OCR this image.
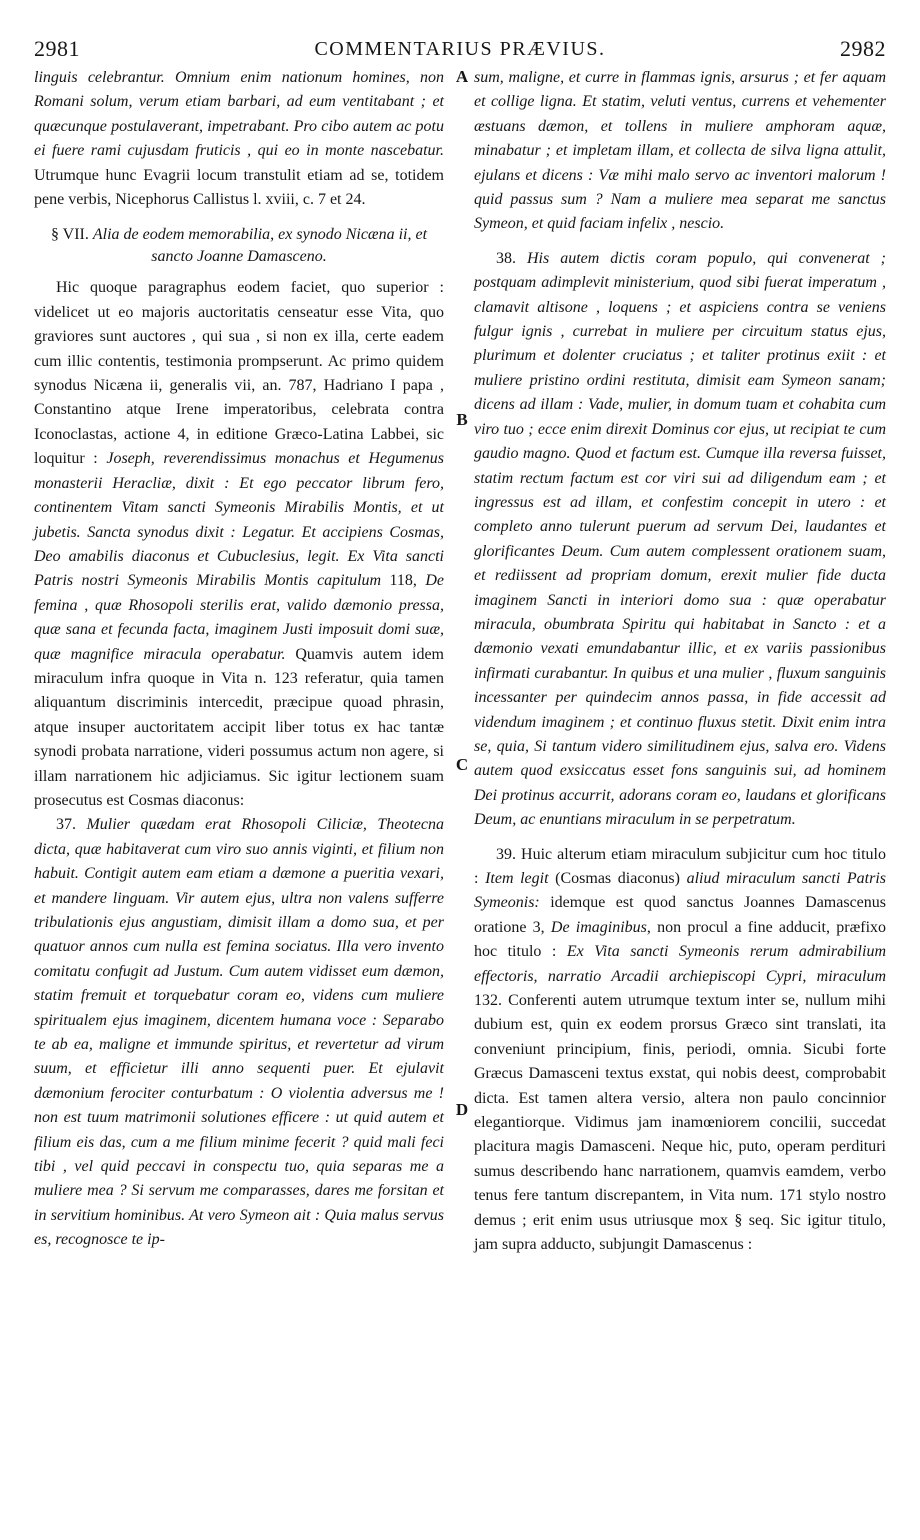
2981	COMMENTARIUS PRÆVIUS.	2982
A
B
C
D

linguis celebrantur. Omnium enim nationum homines, non Romani solum, verum etiam barbari, ad eum ventitabant ; et quæcunque postulaverant, impetrabant. Pro cibo autem ac potu ei fuere rami cujusdam fruticis , qui eo in monte nascebatur. Utrumque hunc Evagrii locum transtulit etiam ad se, totidem pene verbis, Nicephorus Callistus l. xviii, c. 7 et 24.

§ VII. Alia de eodem memorabilia, ex synodo Nicæna ii, et sancto Joanne Damasceno.

Hic quoque paragraphus eodem faciet, quo superior : videlicet ut eo majoris auctoritatis censeatur esse Vita, quo graviores sunt auctores , qui sua , si non ex illa, certe eadem cum illic contentis, testimonia prompserunt. Ac primo quidem synodus Nicæna ii, generalis vii, an. 787, Hadriano I papa , Constantino atque Irene imperatoribus, celebrata contra Iconoclastas, actione 4, in editione Græco-Latina Labbei, sic loquitur : Joseph, reverendissimus monachus et Hegumenus monasterii Heracliæ, dixit : Et ego peccator librum fero, continentem Vitam sancti Symeonis Mirabilis Montis, et ut jubetis. Sancta synodus dixit : Legatur. Et accipiens Cosmas, Deo amabilis diaconus et Cubuclesius, legit. Ex Vita sancti Patris nostri Symeonis Mirabilis Montis capitulum 118, De femina , quæ Rhosopoli sterilis erat, valido dæmonio pressa, quæ sana et fecunda facta, imaginem Justi imposuit domi suæ, quæ magnifice miracula operabatur. Quamvis autem idem miraculum infra quoque in Vita n. 123 referatur, quia tamen aliquantum discriminis intercedit, præcipue quoad phrasin, atque insuper auctoritatem accipit liber totus ex hac tantæ synodi probata narratione, videri possumus actum non agere, si illam narrationem hic adjiciamus. Sic igitur lectionem suam prosecutus est Cosmas diaconus:

37. Mulier quædam erat Rhosopoli Ciliciæ, Theotecna dicta, quæ habitaverat cum viro suo annis viginti, et filium non habuit. Contigit autem eam etiam a dæmone a pueritia vexari, et mandere linguam. Vir autem ejus, ultra non valens sufferre tribulationis ejus angustiam, dimisit illam a domo sua, et per quatuor annos cum nulla est femina sociatus. Illa vero invento comitatu confugit ad Justum. Cum autem vidisset eum dæmon, statim fremuit et torquebatur coram eo, videns cum muliere spiritualem ejus imaginem, dicentem humana voce : Separabo te ab ea, maligne et immunde spiritus, et revertetur ad virum suum, et efficietur illi anno sequenti puer. Et ejulavit dæmonium ferociter conturbatum : O violentia adversus me ! non est tuum matrimonii solutiones efficere : ut quid autem et filium eis das, cum a me filium minime fecerit ? quid mali feci tibi , vel quid peccavi in conspectu tuo, quia separas me a muliere mea ? Si servum me comparasses, dares me forsitan et in servitium hominibus. At vero Symeon ait : Quia malus servus es, recognosce te ip-

sum, maligne, et curre in flammas ignis, arsurus ; et fer aquam et collige ligna. Et statim, veluti ventus, currens et vehementer æstuans dæmon, et tollens in muliere amphoram aquæ, minabatur ; et impletam illam, et collecta de silva ligna attulit, ejulans et dicens : Væ mihi malo servo ac inventori malorum ! quid passus sum ? Nam a muliere mea separat me sanctus Symeon, et quid faciam infelix , nescio.

38. His autem dictis coram populo, qui convenerat ; postquam adimplevit ministerium, quod sibi fuerat imperatum , clamavit altisone , loquens ; et aspiciens contra se veniens fulgur ignis , currebat in muliere per circuitum status ejus, plurimum et dolenter cruciatus ; et taliter protinus exiit : et muliere pristino ordini restituta, dimisit eam Symeon sanam; dicens ad illam : Vade, mulier, in domum tuam et cohabita cum viro tuo ; ecce enim direxit Dominus cor ejus, ut recipiat te cum gaudio magno. Quod et factum est. Cumque illa reversa fuisset, statim rectum factum est cor viri sui ad diligendum eam ; et ingressus est ad illam, et confestim concepit in utero : et completo anno tulerunt puerum ad servum Dei, laudantes et glorificantes Deum. Cum autem complessent orationem suam, et rediissent ad propriam domum, erexit mulier fide ducta imaginem Sancti in interiori domo sua : quæ operabatur miracula, obumbrata Spiritu qui habitabat in Sancto : et a dæmonio vexati emundabantur illic, et ex variis passionibus infirmati curabantur. In quibus et una mulier , fluxum sanguinis incessanter per quindecim annos passa, in fide accessit ad videndum imaginem ; et continuo fluxus stetit. Dixit enim intra se, quia, Si tantum videro similitudinem ejus, salva ero. Videns autem quod exsiccatus esset fons sanguinis sui, ad hominem Dei protinus accurrit, adorans coram eo, laudans et glorificans Deum, ac enuntians miraculum in se perpetratum.

39. Huic alterum etiam miraculum subjicitur cum hoc titulo : Item legit (Cosmas diaconus) aliud miraculum sancti Patris Symeonis: idemque est quod sanctus Joannes Damascenus oratione 3, De imaginibus, non procul a fine adducit, præfixo hoc titulo : Ex Vita sancti Symeonis rerum admirabilium effectoris, narratio Arcadii archiepiscopi Cypri, miraculum 132. Conferenti autem utrumque textum inter se, nullum mihi dubium est, quin ex eodem prorsus Græco sint translati, ita conveniunt principium, finis, periodi, omnia. Sicubi forte Græcus Damasceni textus exstat, qui nobis deest, comprobabit dicta. Est tamen altera versio, altera non paulo concinnior elegantiorque. Vidimus jam inamœniorem concilii, succedat placitura magis Damasceni. Neque hic, puto, operam perdituri sumus describendo hanc narrationem, quamvis eamdem, verbo tenus fere tantum discrepantem, in Vita num. 171 stylo nostro demus ; erit enim usus utriusque mox § seq. Sic igitur titulo, jam supra adducto, subjungit Damascenus :
